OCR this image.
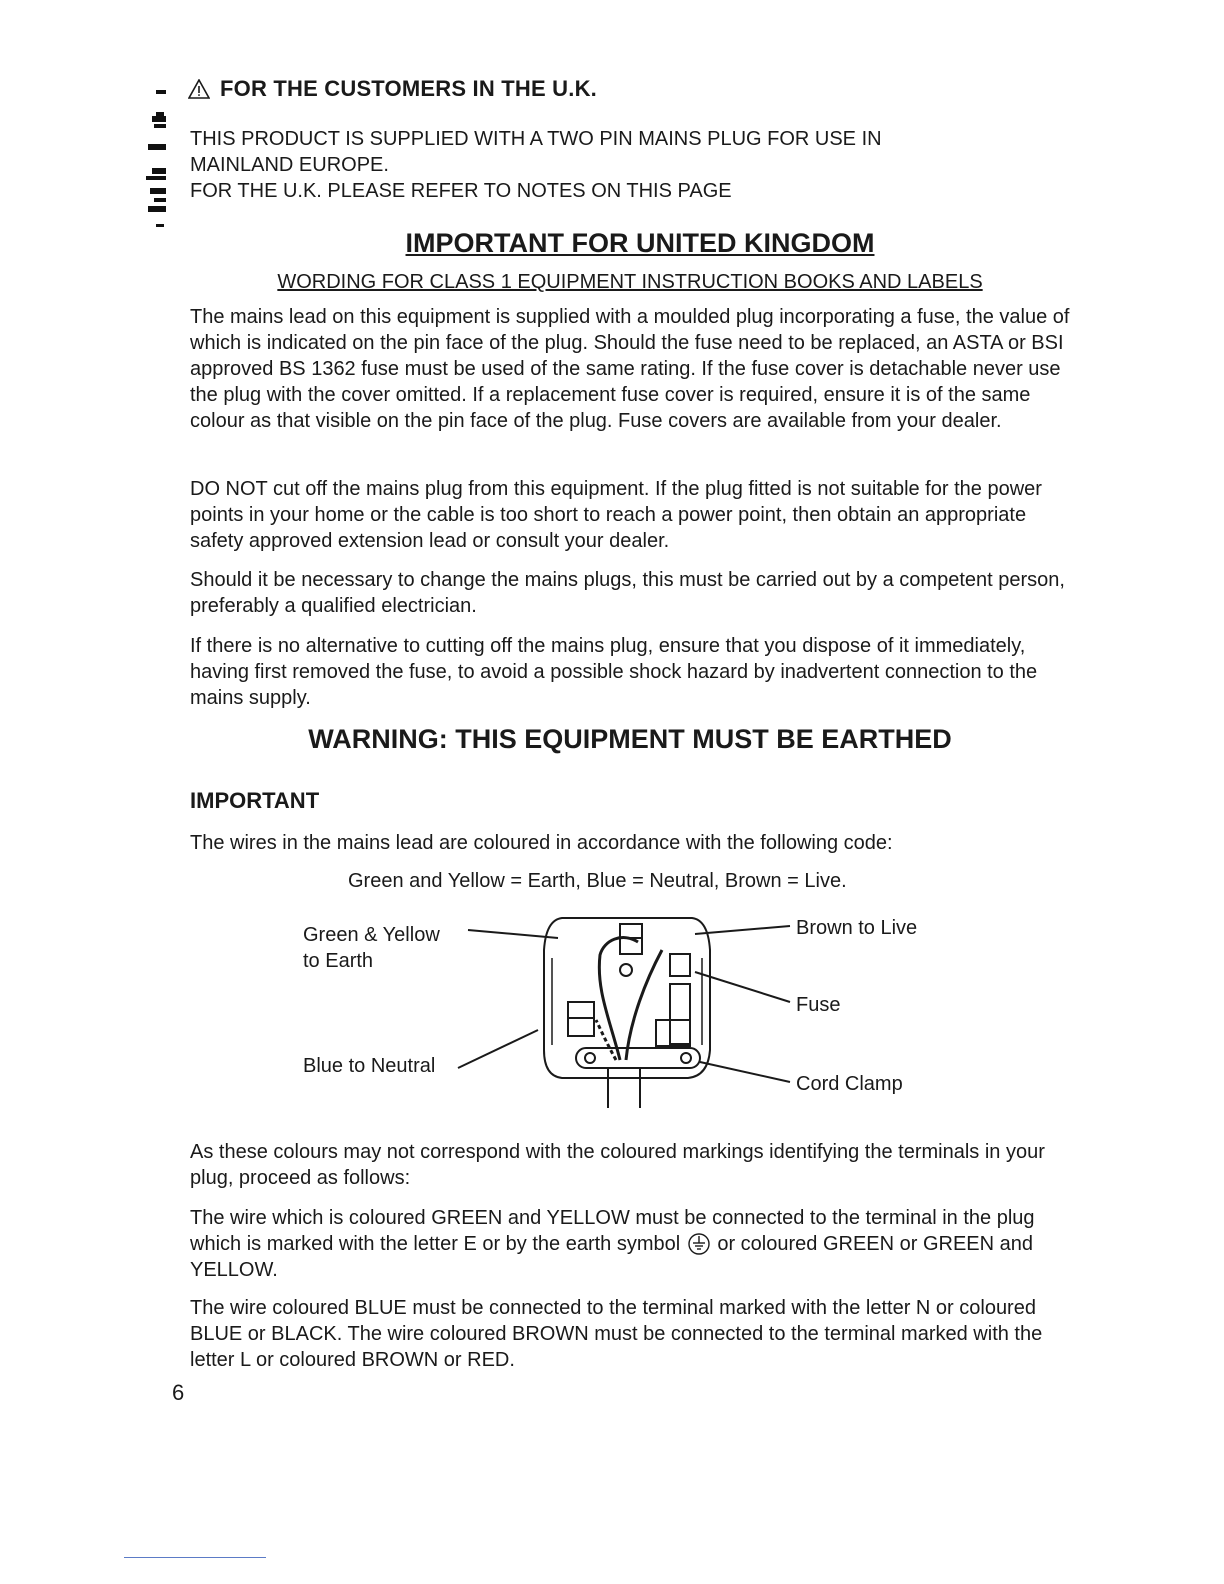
FOR THE CUSTOMERS IN THE U.K.

THIS PRODUCT IS SUPPLIED WITH A TWO PIN MAINS PLUG FOR USE IN

MAINLAND EUROPE.

FOR THE U.K. PLEASE REFER TO NOTES ON THIS PAGE

IMPORTANT FOR UNITED KINGDOM

WORDING FOR CLASS 1 EQUIPMENT INSTRUCTION BOOKS AND LABELS

The mains lead on this equipment is supplied with a moulded plug incorporating a fuse, the value of which is indicated on the pin face of the plug. Should the fuse need to be replaced, an ASTA or BSI approved BS 1362 fuse must be used of the same rating. If the fuse cover is detachable never use the plug with the cover omitted. If a replacement fuse cover is required, ensure it is of the same colour as that visible on the pin face of the plug. Fuse covers are available from your dealer.

DO NOT cut off the mains plug from this equipment. If the plug fitted is not suitable for the power points in your home or the cable is too short to reach a power point, then obtain an appropriate safety approved extension lead or consult your dealer.

Should it be necessary to change the mains plugs, this must be carried out by a competent person, preferably a qualified electrician.

If there is no alternative to cutting off the mains plug, ensure that you dispose of it immediately, having first removed the fuse, to avoid a possible shock hazard by inadvertent connection to the mains supply.

WARNING: THIS EQUIPMENT MUST BE EARTHED
IMPORTANT

The wires in the mains lead are coloured in accordance with the following code:

Green and Yellow = Earth, Blue = Neutral, Brown = Live.

Green & Yellow
to Earth
Blue to Neutral
Brown to Live
Fuse
Cord Clamp

As these colours may not correspond with the coloured markings identifying the terminals in your plug, proceed as follows:

The wire which is coloured GREEN and YELLOW must be connected to the terminal in the plug which is marked with the letter E or by the earth symbol  or coloured GREEN or GREEN and YELLOW.

The wire coloured BLUE must be connected to the terminal marked with the letter N or coloured BLUE or BLACK. The wire coloured BROWN must be connected to the terminal marked with the letter L or coloured BROWN or RED.

6
